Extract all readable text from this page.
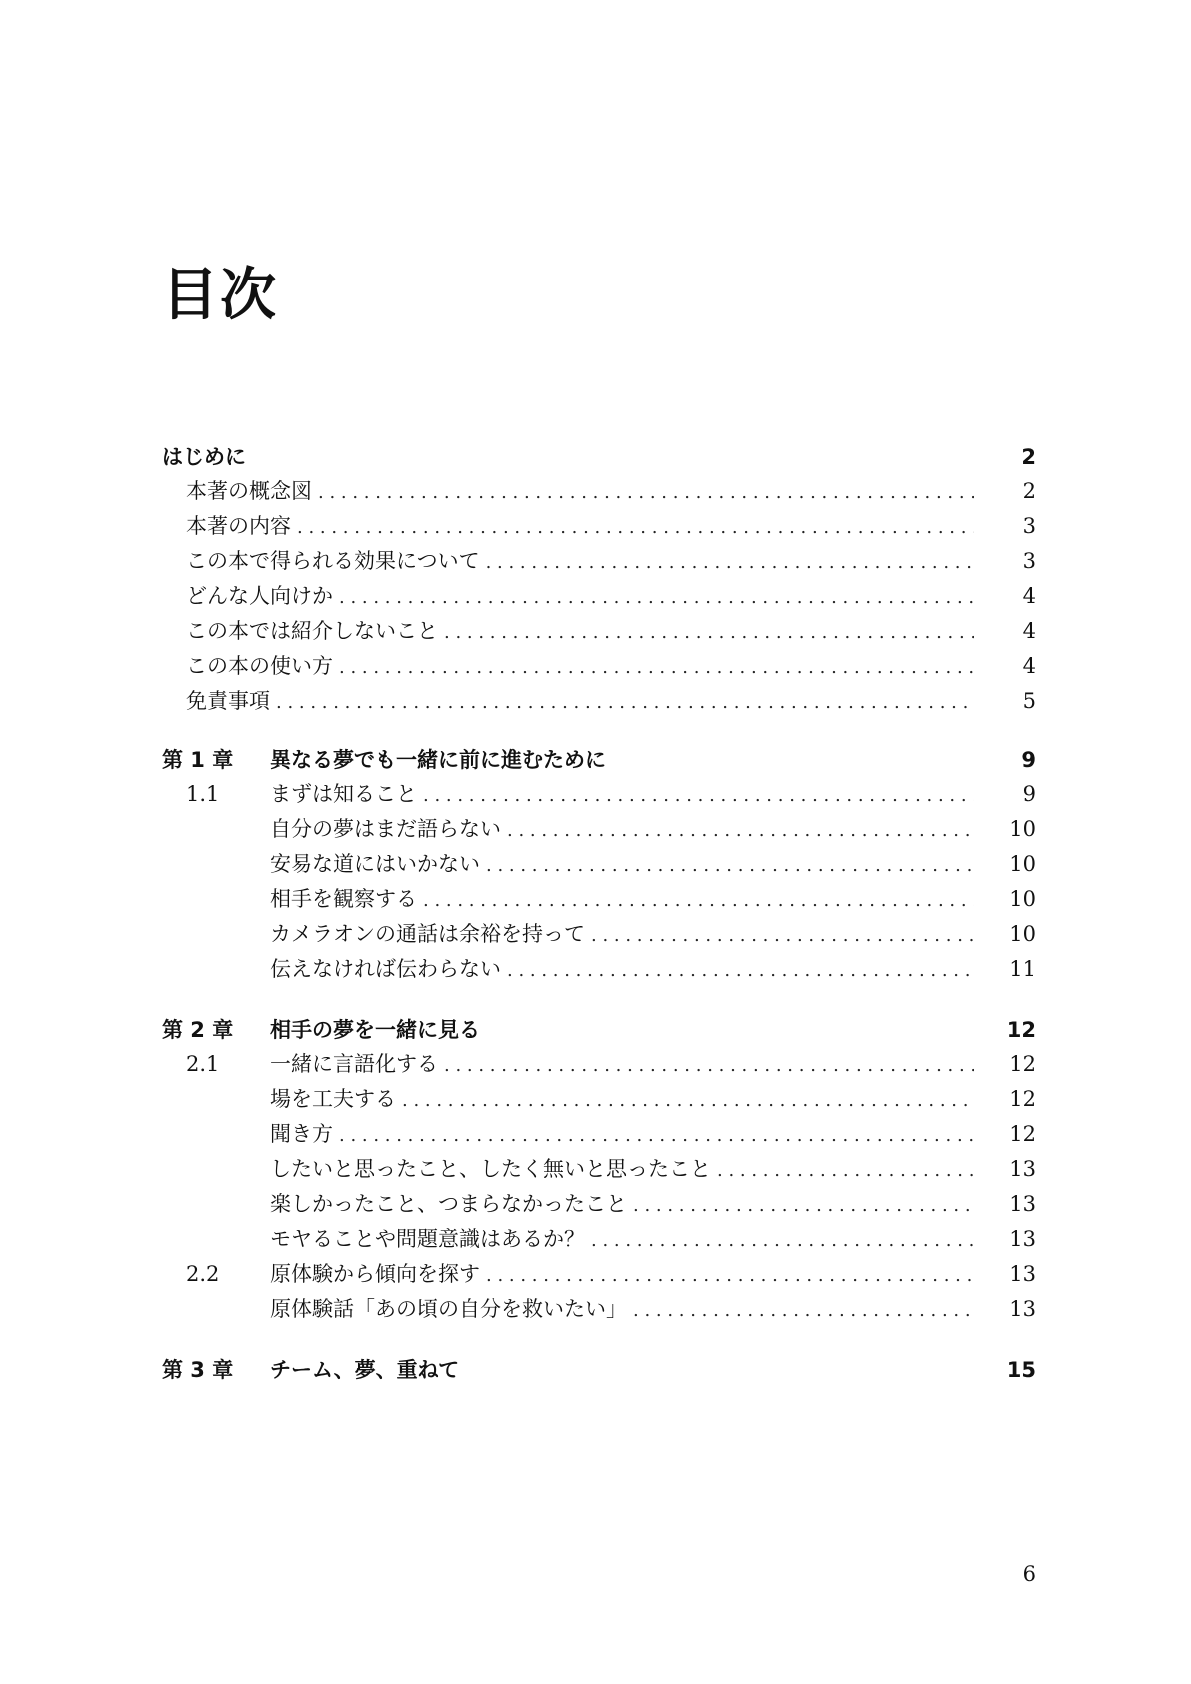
目次
はじめに	2
本著の概念図 . . .	2
本著の内容 . . .	3
この本で得られる効果について . . .	3
どんな人向けか . . .	4
この本では紹介しないこと . . .	4
この本の使い方 . . .	4
免責事項 . . .	5
第 1 章	異なる夢でも一緒に前に進むために	9
1.1	まずは知ること . . .	9
自分の夢はまだ語らない . . .	10
安易な道にはいかない . . .	10
相手を観察する . . .	10
カメラオンの通話は余裕を持って . . .	10
伝えなければ伝わらない . . .	11
第 2 章	相手の夢を一緒に見る	12
2.1	一緒に言語化する . . .	12
場を工夫する . . .	12
聞き方 . . .	12
したいと思ったこと、したく無いと思ったこと . . .	13
楽しかったこと、つまらなかったこと . . .	13
モヤることや問題意識はあるか？ . . .	13
2.2	原体験から傾向を探す . . .	13
原体験話「あの頃の自分を救いたい」 . . .	13
第 3 章	チーム、夢、重ねて	15
6
